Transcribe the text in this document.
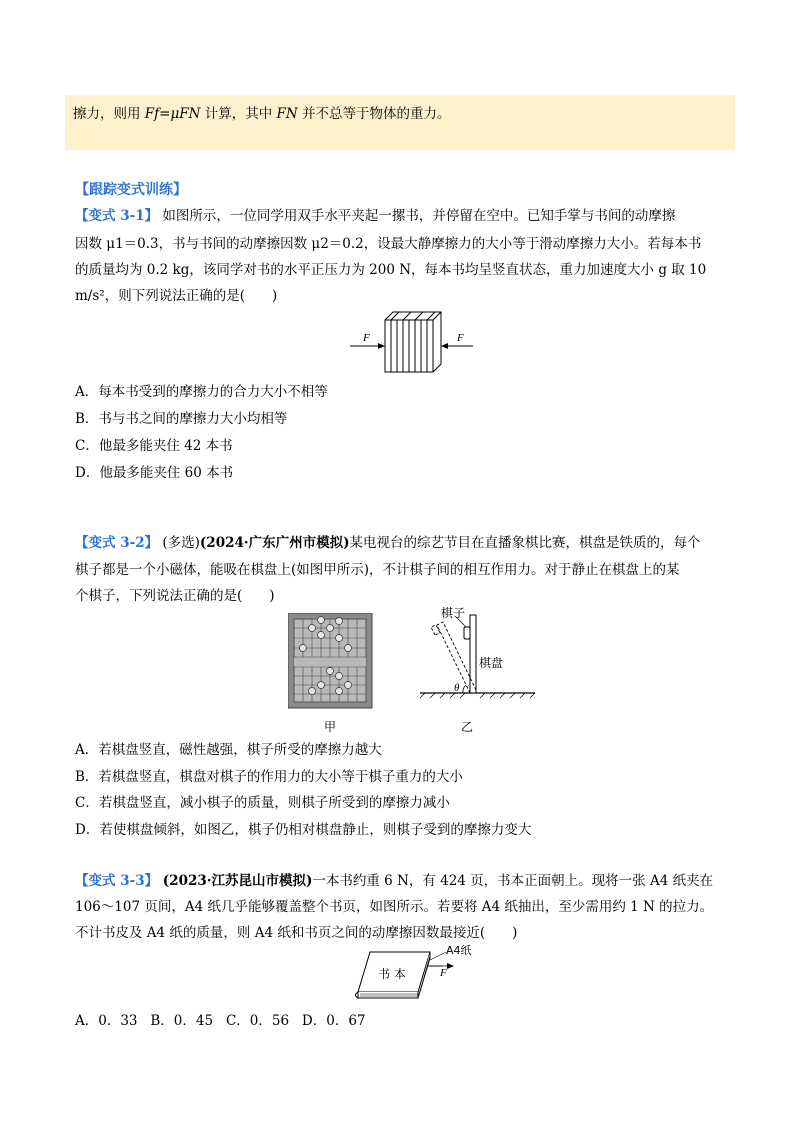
擦力，则用 Ff=μFN 计算，其中 FN 并不总等于物体的重力。
【跟踪变式训练】
【变式 3-1】 如图所示，一位同学用双手水平夹起一摞书，并停留在空中。已知手掌与书间的动摩擦
因数 μ1＝0.3，书与书间的动摩擦因数 μ2＝0.2，设最大静摩擦力的大小等于滑动摩擦力大小。若每本书
的质量均为 0.2 kg，该同学对书的水平正压力为 200 N，每本书均呈竖直状态，重力加速度大小 g 取 10
m/s²，则下列说法正确的是(　　)
F	F
A．每本书受到的摩擦力的合力大小不相等
B．书与书之间的摩擦力大小均相等
C．他最多能夹住 42 本书
D．他最多能夹住 60 本书
【变式 3-2】 (多选)(2024·广东广州市模拟)某电视台的综艺节目在直播象棋比赛，棋盘是铁质的，每个
棋子都是一个小磁体，能吸在棋盘上(如图甲所示)，不计棋子间的相互作用力。对于静止在棋盘上的某
个棋子，下列说法正确的是(　　)
甲
θ
棋子
棋盘
乙
A．若棋盘竖直，磁性越强，棋子所受的摩擦力越大
B．若棋盘竖直，棋盘对棋子的作用力的大小等于棋子重力的大小
C．若棋盘竖直，减小棋子的质量，则棋子所受到的摩擦力减小
D．若使棋盘倾斜，如图乙，棋子仍相对棋盘静止，则棋子受到的摩擦力变大
【变式 3-3】 (2023·江苏昆山市模拟)一本书约重 6 N，有 424 页，书本正面朝上。现将一张 A4 纸夹在
106～107 页间，A4 纸几乎能够覆盖整个书页，如图所示。若要将 A4 纸抽出，至少需用约 1 N 的拉力。
不计书皮及 A4 纸的质量，则 A4 纸和书页之间的动摩擦因数最接近(　　)
书 本
A4纸
F
A．0．33   B．0．45   C．0．56   D．0．67
